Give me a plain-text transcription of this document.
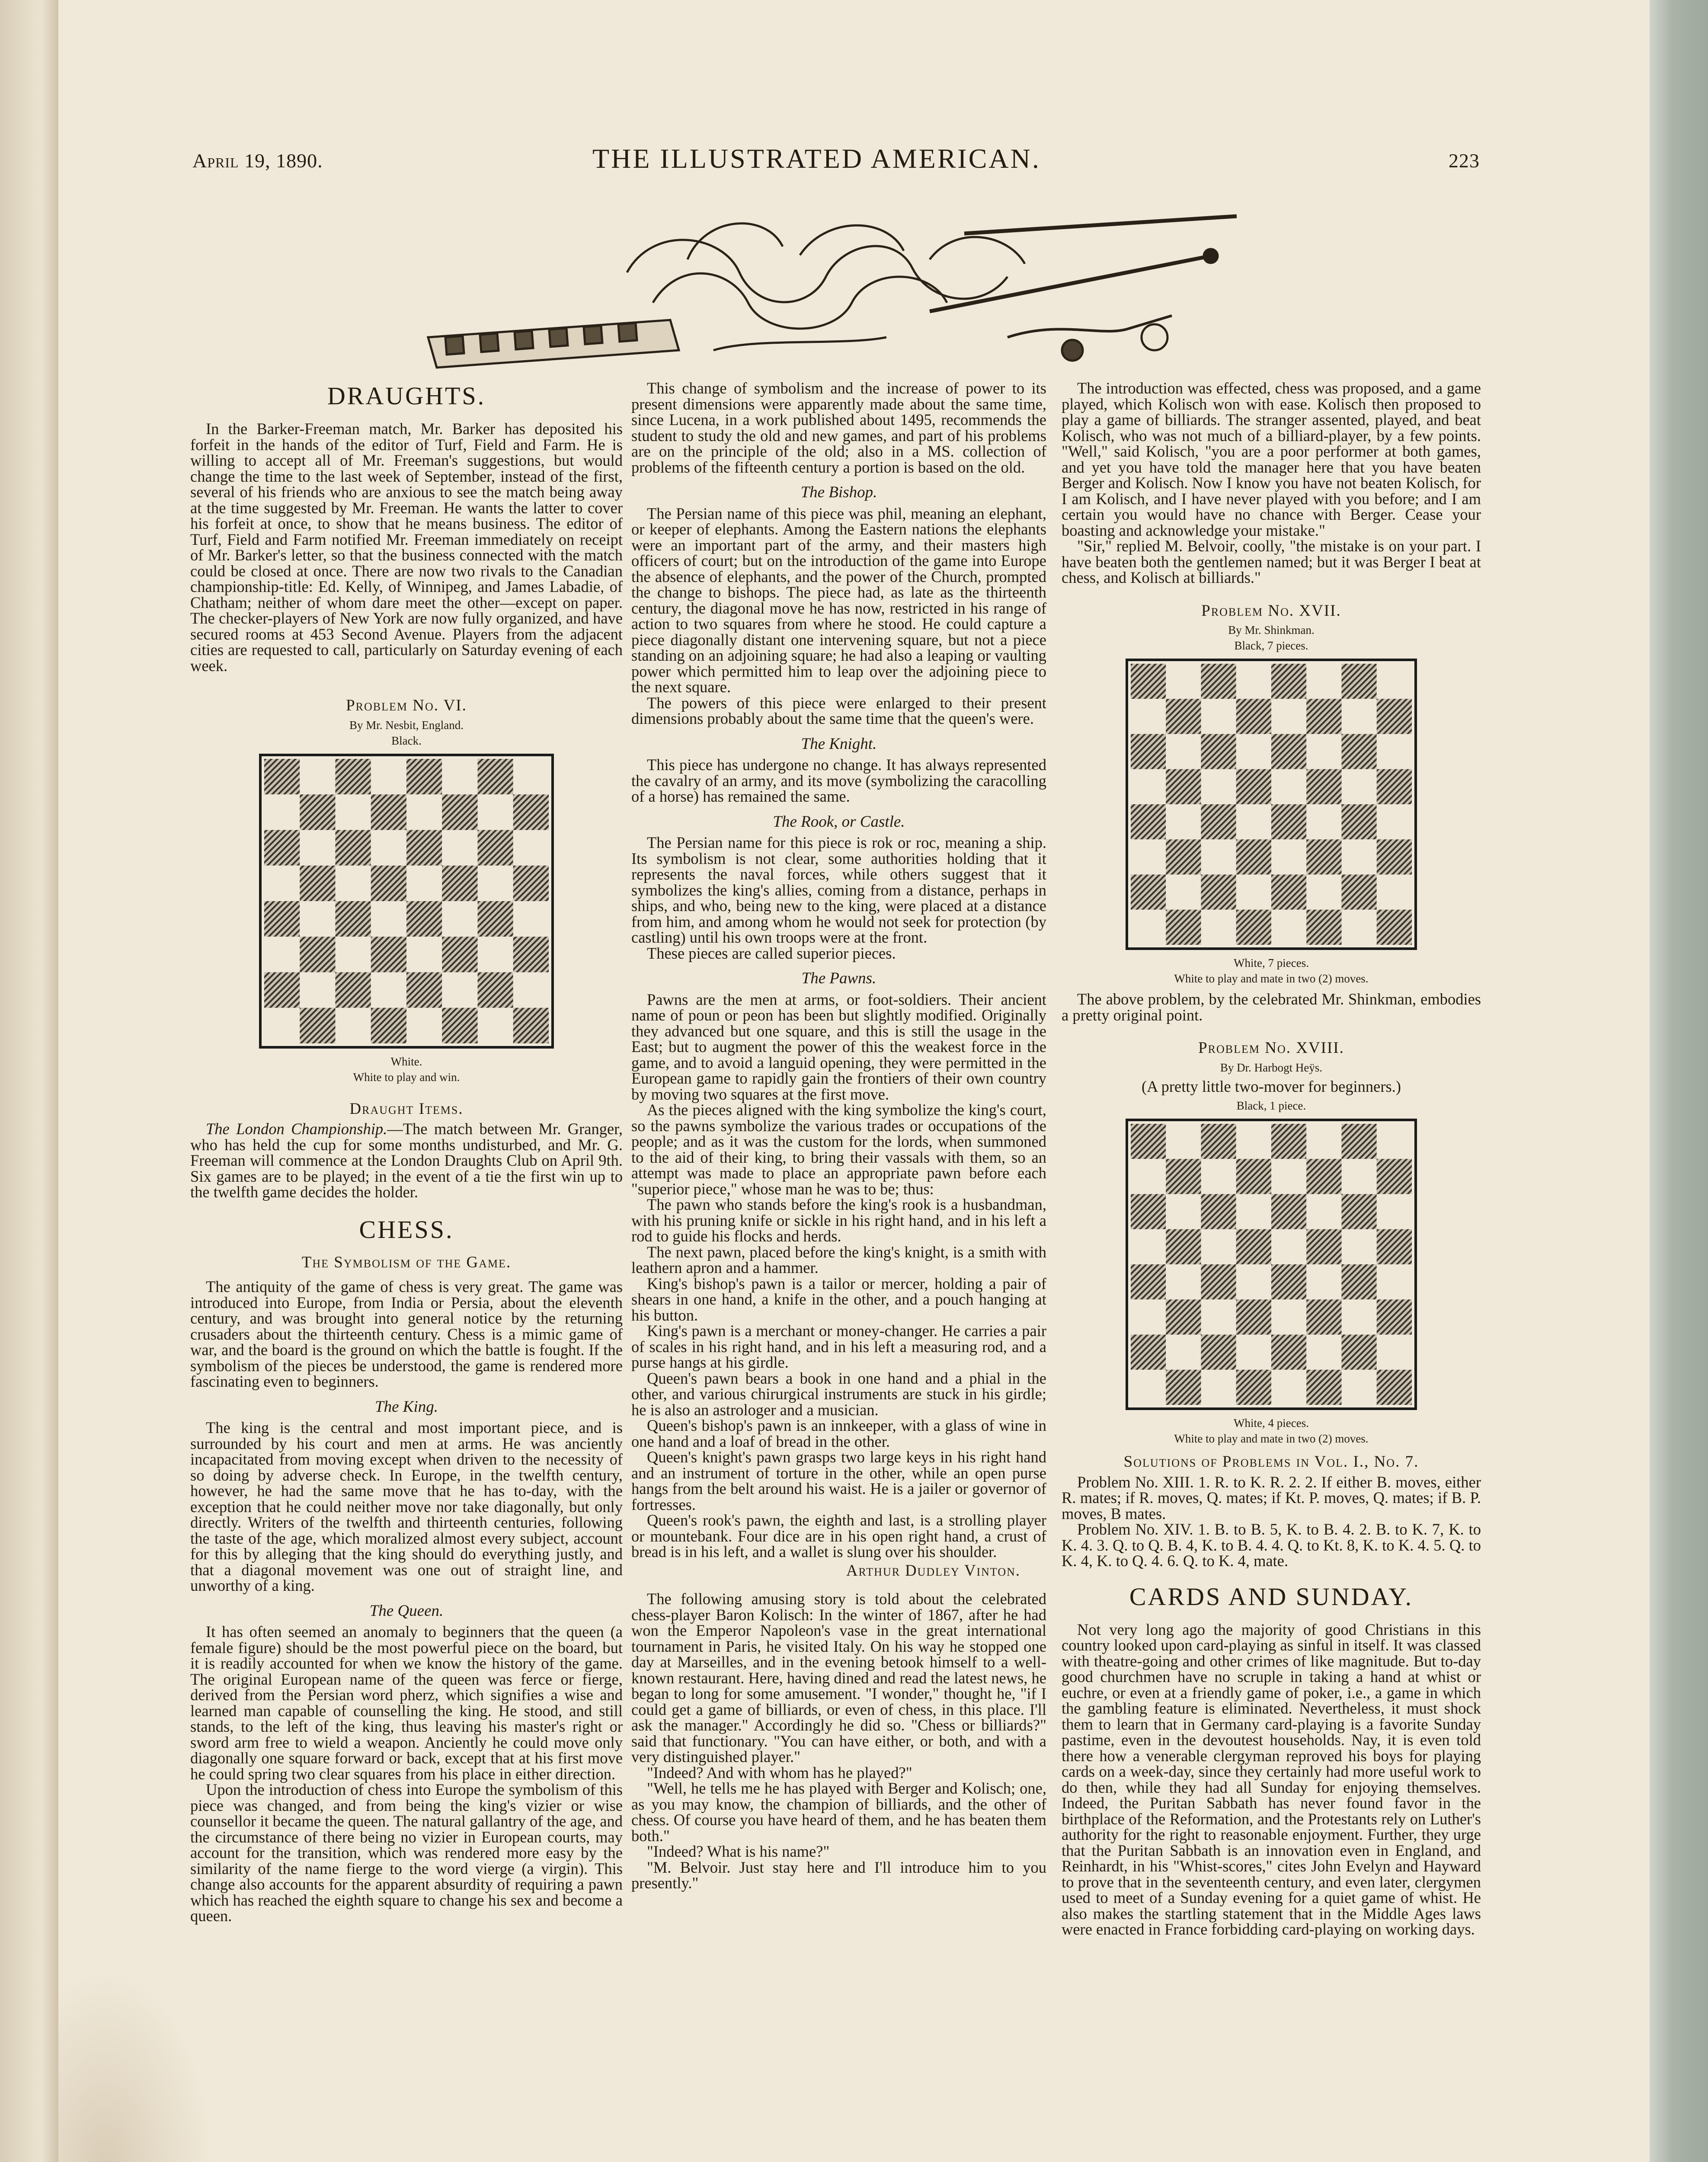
April 19, 1890.	THE ILLUSTRATED AMERICAN.	223
DRAUGHTS.

In the Barker-Freeman match, Mr. Barker has deposited his forfeit in the hands of the editor of Turf, Field and Farm. He is willing to accept all of Mr. Freeman's suggestions, but would change the time to the last week of September, instead of the first, several of his friends who are anxious to see the match being away at the time suggested by Mr. Freeman. He wants the latter to cover his forfeit at once, to show that he means business. The editor of Turf, Field and Farm notified Mr. Freeman immediately on receipt of Mr. Barker's letter, so that the business connected with the match could be closed at once. There are now two rivals to the Canadian championship-title: Ed. Kelly, of Winnipeg, and James Labadie, of Chatham; neither of whom dare meet the other—except on paper. The checker-players of New York are now fully organized, and have secured rooms at 453 Second Avenue. Players from the adjacent cities are requested to call, particularly on Saturday evening of each week.

Problem No. VI.
By Mr. Nesbit, England.
Black.
White.
White to play and win.
Draught Items.

The London Championship.—The match between Mr. Granger, who has held the cup for some months undisturbed, and Mr. G. Freeman will commence at the London Draughts Club on April 9th. Six games are to be played; in the event of a tie the first win up to the twelfth game decides the holder.

CHESS.
The Symbolism of the Game.

The antiquity of the game of chess is very great. The game was introduced into Europe, from India or Persia, about the eleventh century, and was brought into general notice by the returning crusaders about the thirteenth century. Chess is a mimic game of war, and the board is the ground on which the battle is fought. If the symbolism of the pieces be understood, the game is rendered more fascinating even to beginners.

The King.

The king is the central and most important piece, and is surrounded by his court and men at arms. He was anciently incapacitated from moving except when driven to the necessity of so doing by adverse check. In Europe, in the twelfth century, however, he had the same move that he has to-day, with the exception that he could neither move nor take diagonally, but only directly. Writers of the twelfth and thirteenth centuries, following the taste of the age, which moralized almost every subject, account for this by alleging that the king should do everything justly, and that a diagonal movement was one out of straight line, and unworthy of a king.

The Queen.

It has often seemed an anomaly to beginners that the queen (a female figure) should be the most powerful piece on the board, but it is readily accounted for when we know the history of the game. The original European name of the queen was ferce or fierge, derived from the Persian word pherz, which signifies a wise and learned man capable of counselling the king. He stood, and still stands, to the left of the king, thus leaving his master's right or sword arm free to wield a weapon. Anciently he could move only diagonally one square forward or back, except that at his first move he could spring two clear squares from his place in either direction.

Upon the introduction of chess into Europe the symbolism of this piece was changed, and from being the king's vizier or wise counsellor it became the queen. The natural gallantry of the age, and the circumstance of there being no vizier in European courts, may account for the transition, which was rendered more easy by the similarity of the name fierge to the word vierge (a virgin). This change also accounts for the apparent absurdity of requiring a pawn which has reached the eighth square to change his sex and become a queen.

This change of symbolism and the increase of power to its present dimensions were apparently made about the same time, since Lucena, in a work published about 1495, recommends the student to study the old and new games, and part of his problems are on the principle of the old; also in a MS. collection of problems of the fifteenth century a portion is based on the old.

The Bishop.

The Persian name of this piece was phil, meaning an elephant, or keeper of elephants. Among the Eastern nations the elephants were an important part of the army, and their masters high officers of court; but on the introduction of the game into Europe the absence of elephants, and the power of the Church, prompted the change to bishops. The piece had, as late as the thirteenth century, the diagonal move he has now, restricted in his range of action to two squares from where he stood. He could capture a piece diagonally distant one intervening square, but not a piece standing on an adjoining square; he had also a leaping or vaulting power which permitted him to leap over the adjoining piece to the next square.

The powers of this piece were enlarged to their present dimensions probably about the same time that the queen's were.

The Knight.

This piece has undergone no change. It has always represented the cavalry of an army, and its move (symbolizing the caracolling of a horse) has remained the same.

The Rook, or Castle.

The Persian name for this piece is rok or roc, meaning a ship. Its symbolism is not clear, some authorities holding that it represents the naval forces, while others suggest that it symbolizes the king's allies, coming from a distance, perhaps in ships, and who, being new to the king, were placed at a distance from him, and among whom he would not seek for protection (by castling) until his own troops were at the front.

These pieces are called superior pieces.

The Pawns.

Pawns are the men at arms, or foot-soldiers. Their ancient name of poun or peon has been but slightly modified. Originally they advanced but one square, and this is still the usage in the East; but to augment the power of this the weakest force in the game, and to avoid a languid opening, they were permitted in the European game to rapidly gain the frontiers of their own country by moving two squares at the first move.

As the pieces aligned with the king symbolize the king's court, so the pawns symbolize the various trades or occupations of the people; and as it was the custom for the lords, when summoned to the aid of their king, to bring their vassals with them, so an attempt was made to place an appropriate pawn before each "superior piece," whose man he was to be; thus:

The pawn who stands before the king's rook is a husbandman, with his pruning knife or sickle in his right hand, and in his left a rod to guide his flocks and herds.

The next pawn, placed before the king's knight, is a smith with leathern apron and a hammer.

King's bishop's pawn is a tailor or mercer, holding a pair of shears in one hand, a knife in the other, and a pouch hanging at his button.

King's pawn is a merchant or money-changer. He carries a pair of scales in his right hand, and in his left a measuring rod, and a purse hangs at his girdle.

Queen's pawn bears a book in one hand and a phial in the other, and various chirurgical instruments are stuck in his girdle; he is also an astrologer and a musician.

Queen's bishop's pawn is an innkeeper, with a glass of wine in one hand and a loaf of bread in the other.

Queen's knight's pawn grasps two large keys in his right hand and an instrument of torture in the other, while an open purse hangs from the belt around his waist. He is a jailer or governor of fortresses.

Queen's rook's pawn, the eighth and last, is a strolling player or mountebank. Four dice are in his open right hand, a crust of bread is in his left, and a wallet is slung over his shoulder.

Arthur Dudley Vinton.

The following amusing story is told about the celebrated chess-player Baron Kolisch: In the winter of 1867, after he had won the Emperor Napoleon's vase in the great international tournament in Paris, he visited Italy. On his way he stopped one day at Marseilles, and in the evening betook himself to a well-known restaurant. Here, having dined and read the latest news, he began to long for some amusement. "I wonder," thought he, "if I could get a game of billiards, or even of chess, in this place. I'll ask the manager." Accordingly he did so. "Chess or billiards?" said that functionary. "You can have either, or both, and with a very distinguished player."

"Indeed? And with whom has he played?"

"Well, he tells me he has played with Berger and Kolisch; one, as you may know, the champion of billiards, and the other of chess. Of course you have heard of them, and he has beaten them both."

"Indeed? What is his name?"

"M. Belvoir. Just stay here and I'll introduce him to you presently."

The introduction was effected, chess was proposed, and a game played, which Kolisch won with ease. Kolisch then proposed to play a game of billiards. The stranger assented, played, and beat Kolisch, who was not much of a billiard-player, by a few points. "Well," said Kolisch, "you are a poor performer at both games, and yet you have told the manager here that you have beaten Berger and Kolisch. Now I know you have not beaten Kolisch, for I am Kolisch, and I have never played with you before; and I am certain you would have no chance with Berger. Cease your boasting and acknowledge your mistake."

"Sir," replied M. Belvoir, coolly, "the mistake is on your part. I have beaten both the gentlemen named; but it was Berger I beat at chess, and Kolisch at billiards."

Problem No. XVII.
By Mr. Shinkman.
Black, 7 pieces.
White, 7 pieces.
White to play and mate in two (2) moves.

The above problem, by the celebrated Mr. Shinkman, embodies a pretty original point.

Problem No. XVIII.
By Dr. Harbogt Heÿs.
(A pretty little two-mover for beginners.)
Black, 1 piece.
White, 4 pieces.
White to play and mate in two (2) moves.
Solutions of Problems in Vol. I., No. 7.

Problem No. XIII. 1. R. to K. R. 2. 2. If either B. moves, either R. mates; if R. moves, Q. mates; if Kt. P. moves, Q. mates; if B. P. moves, B mates.

Problem No. XIV. 1. B. to B. 5, K. to B. 4. 2. B. to K. 7, K. to K. 4. 3. Q. to Q. B. 4, K. to B. 4. 4. Q. to Kt. 8, K. to K. 4. 5. Q. to K. 4, K. to Q. 4. 6. Q. to K. 4, mate.

CARDS AND SUNDAY.

Not very long ago the majority of good Christians in this country looked upon card-playing as sinful in itself. It was classed with theatre-going and other crimes of like magnitude. But to-day good churchmen have no scruple in taking a hand at whist or euchre, or even at a friendly game of poker, i.e., a game in which the gambling feature is eliminated. Nevertheless, it must shock them to learn that in Germany card-playing is a favorite Sunday pastime, even in the devoutest households. Nay, it is even told there how a venerable clergyman reproved his boys for playing cards on a week-day, since they certainly had more useful work to do then, while they had all Sunday for enjoying themselves. Indeed, the Puritan Sabbath has never found favor in the birthplace of the Reformation, and the Protestants rely on Luther's authority for the right to reasonable enjoyment. Further, they urge that the Puritan Sabbath is an innovation even in England, and Reinhardt, in his "Whist-scores," cites John Evelyn and Hayward to prove that in the seventeenth century, and even later, clergymen used to meet of a Sunday evening for a quiet game of whist. He also makes the startling statement that in the Middle Ages laws were enacted in France forbidding card-playing on working days.
